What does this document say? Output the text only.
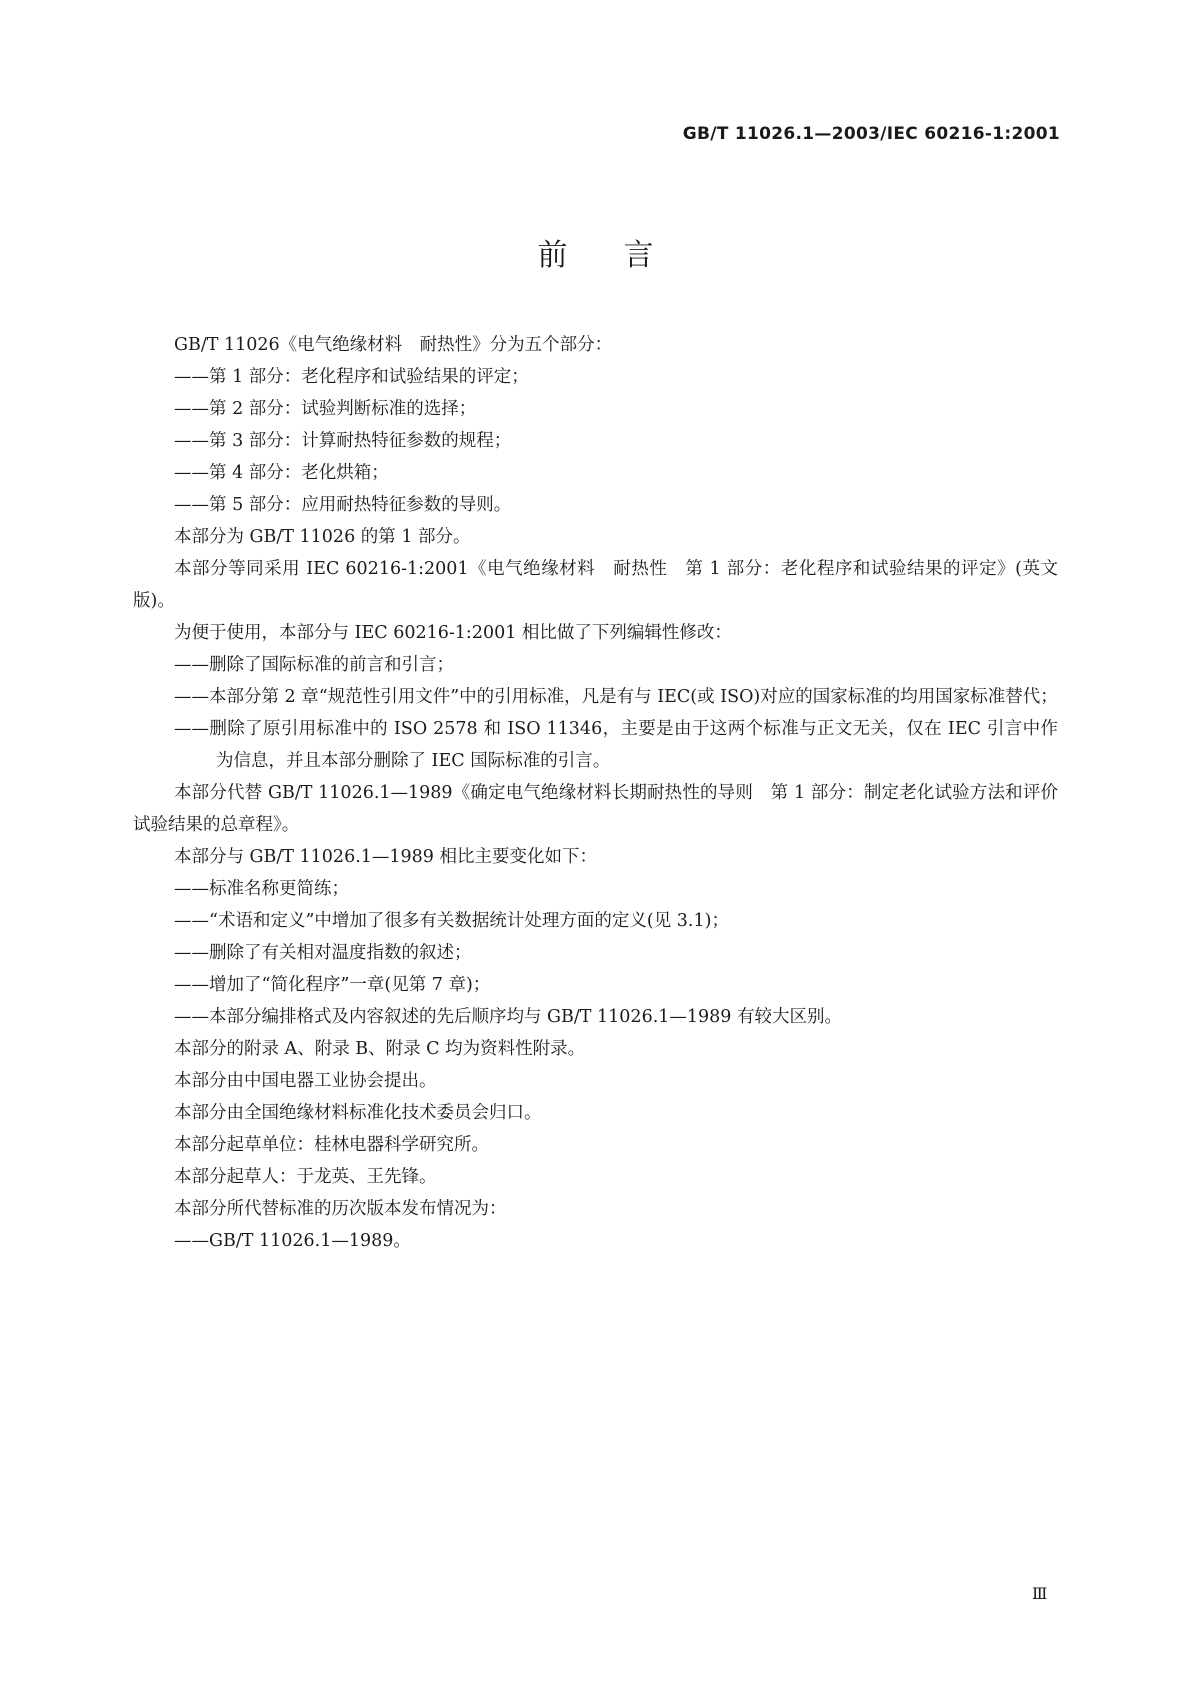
GB/T 11026.1—2003/IEC 60216-1:2001
前言
GB/T 11026《电气绝缘材料　耐热性》分为五个部分：
——第 1 部分：老化程序和试验结果的评定；
——第 2 部分：试验判断标准的选择；
——第 3 部分：计算耐热特征参数的规程；
——第 4 部分：老化烘箱；
——第 5 部分：应用耐热特征参数的导则。
本部分为 GB/T 11026 的第 1 部分。
本部分等同采用 IEC 60216-1:2001《电气绝缘材料　耐热性　第 1 部分：老化程序和试验结果的评定》(英文版)。
为便于使用，本部分与 IEC 60216-1:2001 相比做了下列编辑性修改：
——删除了国际标准的前言和引言；
——本部分第 2 章“规范性引用文件”中的引用标准，凡是有与 IEC(或 ISO)对应的国家标准的均用国家标准替代；
——删除了原引用标准中的 ISO 2578 和 ISO 11346，主要是由于这两个标准与正文无关，仅在 IEC 引言中作为信息，并且本部分删除了 IEC 国际标准的引言。
本部分代替 GB/T 11026.1—1989《确定电气绝缘材料长期耐热性的导则　第 1 部分：制定老化试验方法和评价试验结果的总章程》。
本部分与 GB/T 11026.1—1989 相比主要变化如下：
——标准名称更简练；
——“术语和定义”中增加了很多有关数据统计处理方面的定义(见 3.1)；
——删除了有关相对温度指数的叙述；
——增加了“简化程序”一章(见第 7 章)；
——本部分编排格式及内容叙述的先后顺序均与 GB/T 11026.1—1989 有较大区别。
本部分的附录 A、附录 B、附录 C 均为资料性附录。
本部分由中国电器工业协会提出。
本部分由全国绝缘材料标准化技术委员会归口。
本部分起草单位：桂林电器科学研究所。
本部分起草人：于龙英、王先锋。
本部分所代替标准的历次版本发布情况为：
——GB/T 11026.1—1989。
Ⅲ
